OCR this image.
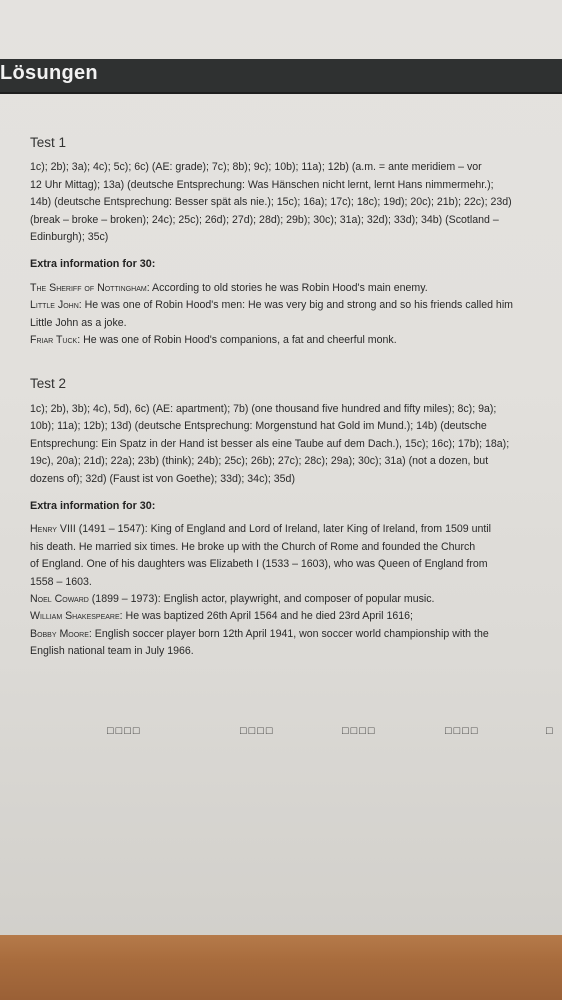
Lösungen
Test 1

1c); 2b); 3a); 4c); 5c); 6c) (AE: grade); 7c); 8b); 9c); 10b); 11a); 12b) (a.m. = ante meridiem – vor

12 Uhr Mittag); 13a) (deutsche Entsprechung: Was Hänschen nicht lernt, lernt Hans nimmermehr.);

14b) (deutsche Entsprechung: Besser spät als nie.); 15c); 16a); 17c); 18c); 19d); 20c); 21b); 22c); 23d)

(break – broke – broken); 24c); 25c); 26d); 27d); 28d); 29b); 30c); 31a); 32d); 33d); 34b) (Scotland –

Edinburgh); 35c)

Extra information for 30:

The Sheriff of Nottingham: According to old stories he was Robin Hood's main enemy.

Little John: He was one of Robin Hood's men: He was very big and strong and so his friends called him

Little John as a joke.

Friar Tuck: He was one of Robin Hood's companions, a fat and cheerful monk.

Test 2

1c); 2b), 3b); 4c), 5d), 6c) (AE: apartment); 7b) (one thousand five hundred and fifty miles); 8c); 9a);

10b); 11a); 12b); 13d) (deutsche Entsprechung: Morgenstund hat Gold im Mund.); 14b) (deutsche

Entsprechung: Ein Spatz in der Hand ist besser als eine Taube auf dem Dach.), 15c); 16c); 17b); 18a);

19c), 20a); 21d); 22a); 23b) (think); 24b); 25c); 26b); 27c); 28c); 29a); 30c); 31a) (not a dozen, but

dozens of); 32d) (Faust ist von Goethe); 33d); 34c); 35d)

Extra information for 30:

Henry VIII (1491 – 1547): King of England and Lord of Ireland, later King of Ireland, from 1509 until

his death. He married six times. He broke up with the Church of Rome and founded the Church

of England. One of his daughters was Elizabeth I (1533 – 1603), who was Queen of England from

1558 – 1603.

Noel Coward (1899 – 1973): English actor, playwright, and composer of popular music.

William Shakespeare: He was baptized 26th April 1564 and he died 23rd April 1616;

Bobby Moore: English soccer player born 12th April 1941, won soccer world championship with the

English national team in July 1966.

□□□□	□□□□	□□□□	□□□□	□
